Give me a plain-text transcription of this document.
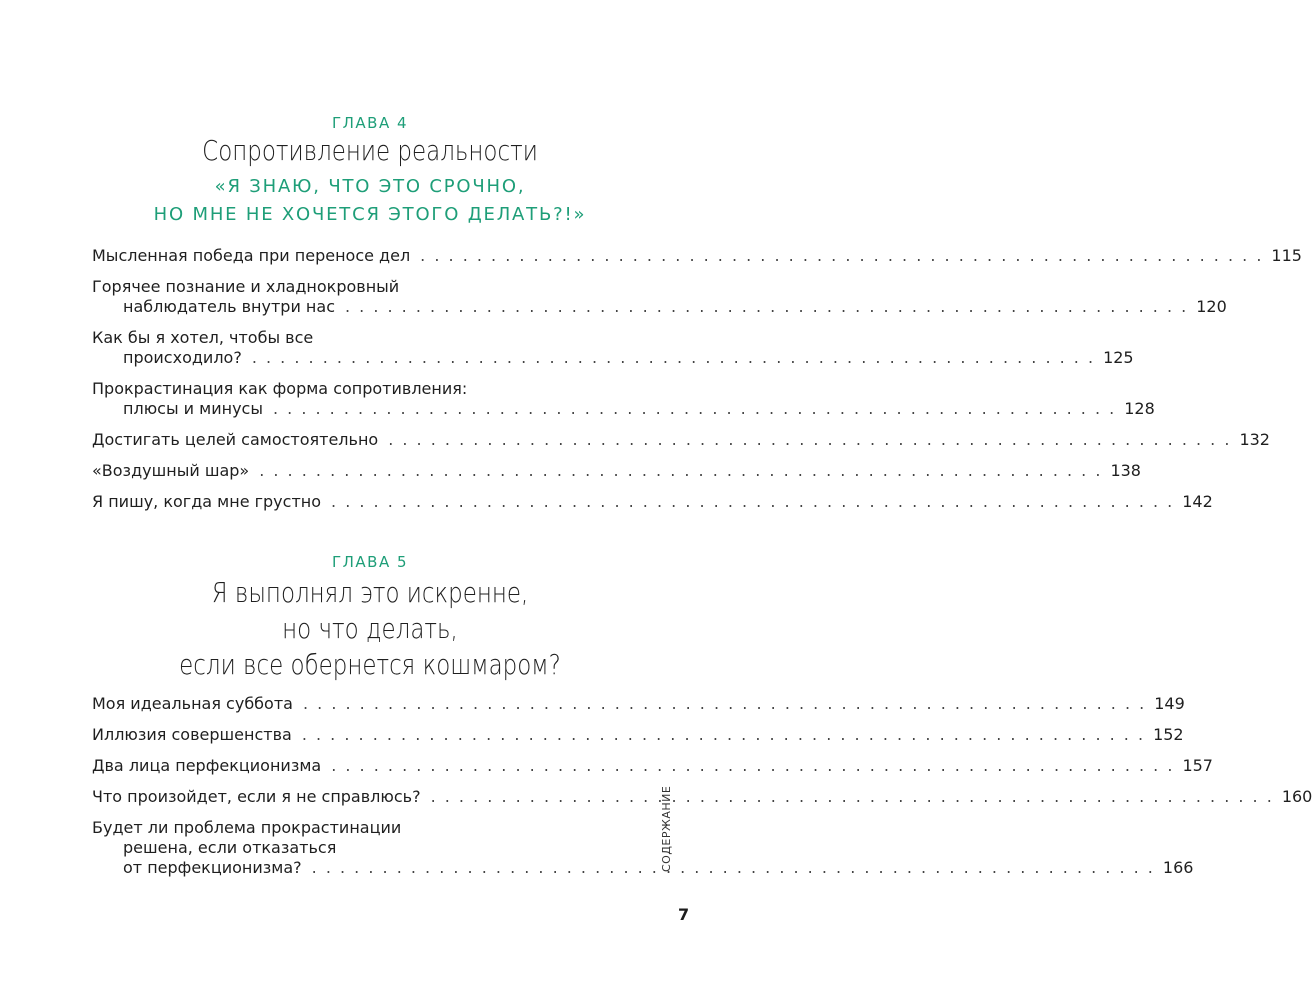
ГЛАВА 4
Сопротивление реальности
«Я ЗНАЮ, ЧТО ЭТО СРОЧНО,
НО МНЕ НЕ ХОЧЕТСЯ ЭТОГО ДЕЛАТЬ?!»
Мысленная победа при переносе дел . . . . . . . . . . . . . . . . . . . . . . . . . . . . . . . . . . . . . . . . . . . . . . . . . . . . . . . . . . . . 115
Горячее познание и хладнокровный
наблюдатель внутри нас . . . . . . . . . . . . . . . . . . . . . . . . . . . . . . . . . . . . . . . . . . . . . . . . . . . . . . . . . . . . 120
Как бы я хотел, чтобы все
происходило? . . . . . . . . . . . . . . . . . . . . . . . . . . . . . . . . . . . . . . . . . . . . . . . . . . . . . . . . . . . . 125
Прокрастинация как форма сопротивления:
плюсы и минусы . . . . . . . . . . . . . . . . . . . . . . . . . . . . . . . . . . . . . . . . . . . . . . . . . . . . . . . . . . . . 128
Достигать целей самостоятельно . . . . . . . . . . . . . . . . . . . . . . . . . . . . . . . . . . . . . . . . . . . . . . . . . . . . . . . . . . . . 132
«Воздушный шар» . . . . . . . . . . . . . . . . . . . . . . . . . . . . . . . . . . . . . . . . . . . . . . . . . . . . . . . . . . . . 138
Я пишу, когда мне грустно . . . . . . . . . . . . . . . . . . . . . . . . . . . . . . . . . . . . . . . . . . . . . . . . . . . . . . . . . . . . 142
ГЛАВА 5
Я выполнял это искренне,
но что делать,
если все обернется кошмаром?
Моя идеальная суббота . . . . . . . . . . . . . . . . . . . . . . . . . . . . . . . . . . . . . . . . . . . . . . . . . . . . . . . . . . . . 149
Иллюзия совершенства . . . . . . . . . . . . . . . . . . . . . . . . . . . . . . . . . . . . . . . . . . . . . . . . . . . . . . . . . . . . 152
Два лица перфекционизма . . . . . . . . . . . . . . . . . . . . . . . . . . . . . . . . . . . . . . . . . . . . . . . . . . . . . . . . . . . . 157
Что произойдет, если я не справлюсь? . . . . . . . . . . . . . . . . . . . . . . . . . . . . . . . . . . . . . . . . . . . . . . . . . . . . . . . . . . . . 160
Будет ли проблема прокрастинации
решена, если отказаться
от перфекционизма? . . . . . . . . . . . . . . . . . . . . . . . . . . . . . . . . . . . . . . . . . . . . . . . . . . . . . . . . . . . . 166
СОДЕРЖАНИЕ
7
